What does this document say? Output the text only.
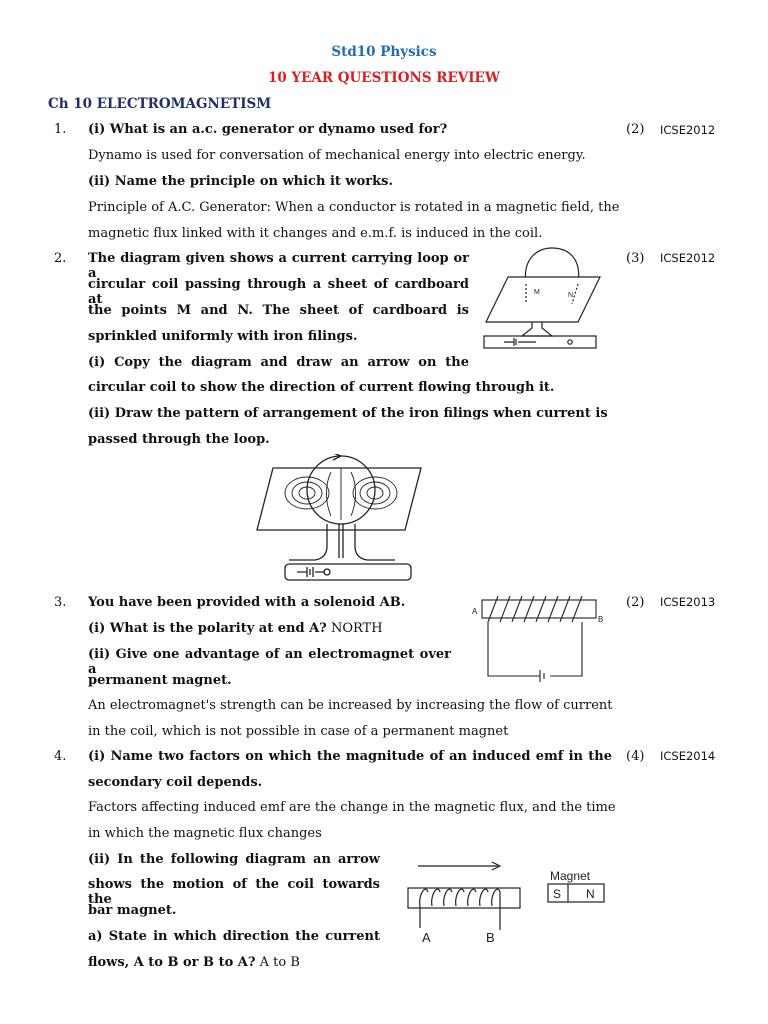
Std10 Physics
10 YEAR QUESTIONS REVIEW
Ch 10 ELECTROMAGNETISM
1. (i) What is an a.c. generator or dynamo used for?
Dynamo is used for conversation of mechanical energy into electric energy.
(ii) Name the principle on which it works.
Principle of A.C. Generator: When a conductor is rotated in a magnetic field, the
magnetic flux linked with it changes and e.m.f. is induced in the coil.
(2) ICSE2012
2. The diagram given shows a current carrying loop or a
circular coil passing through a sheet of cardboard at
the points M and N. The sheet of cardboard is
sprinkled uniformly with iron filings.
(i) Copy the diagram and draw an arrow on the
circular coil to show the direction of current flowing through it.
(ii) Draw the pattern of arrangement of the iron filings when current is
passed through the loop.
(3) ICSE2012
M	N
3. You have been provided with a solenoid AB.
(i) What is the polarity at end A? NORTH
(ii) Give one advantage of an electromagnet over a
permanent magnet.
An electromagnet's strength can be increased by increasing the flow of current
in the coil, which is not possible in case of a permanent magnet
(2) ICSE2013
A
B
4. (i) Name two factors on which the magnitude of an induced emf in the
secondary coil depends.
Factors affecting induced emf are the change in the magnetic flux, and the time
in which the magnetic flux changes
(ii) In the following diagram an arrow
shows the motion of the coil towards the
bar magnet.
a) State in which direction the current
flows, A to B or B to A? A to B
(4) ICSE2014
Magnet
S N
A	B
